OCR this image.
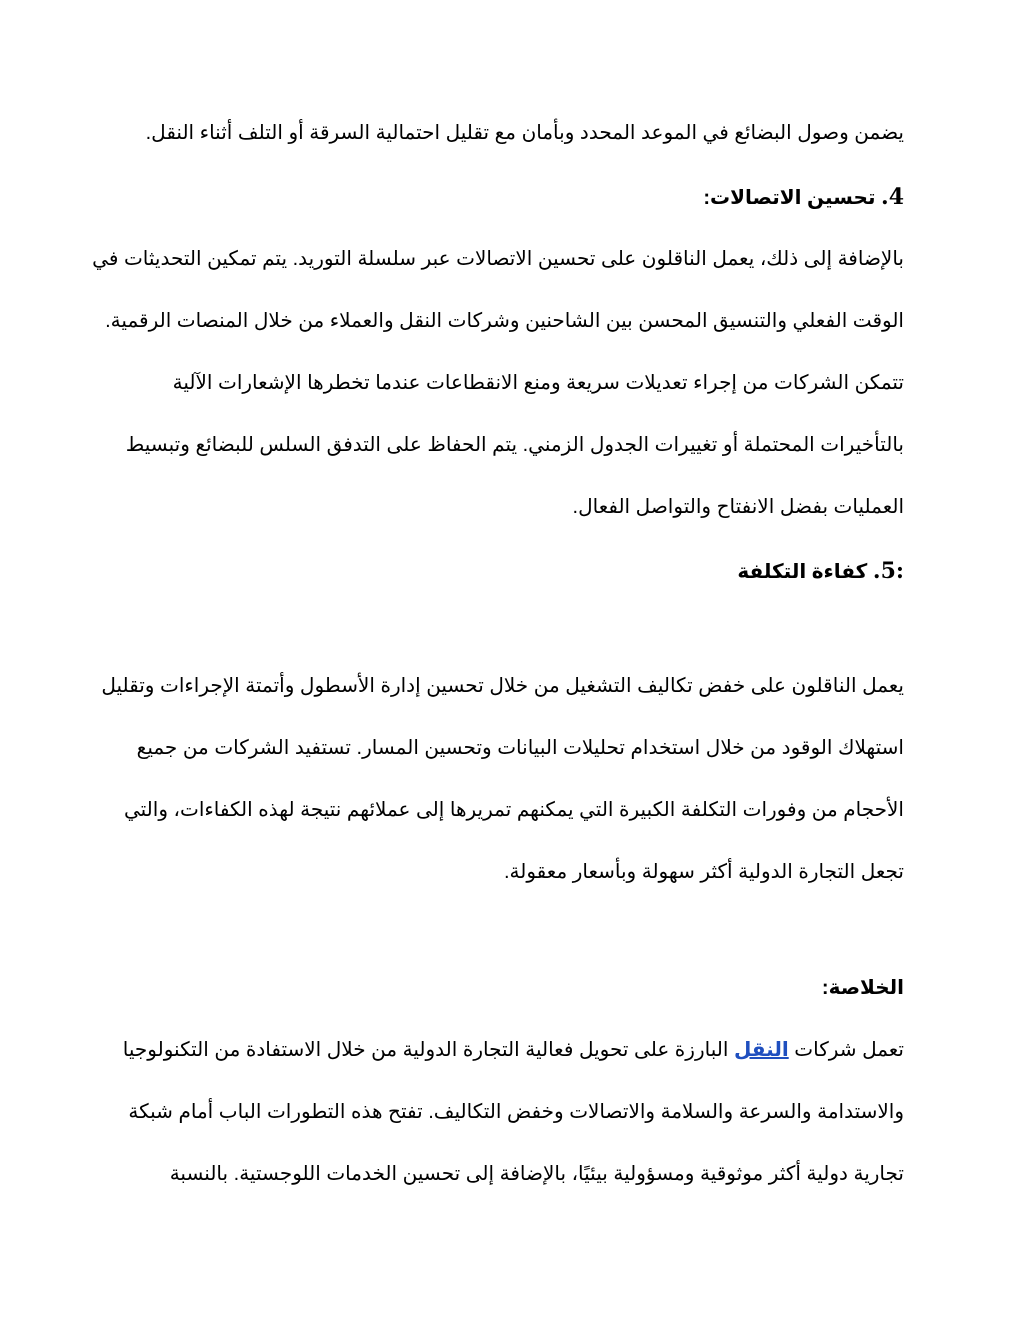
يضمن وصول البضائع في الموعد المحدد وبأمان مع تقليل احتمالية السرقة أو التلف أثناء النقل.
4. تحسين الاتصالات:
بالإضافة إلى ذلك، يعمل الناقلون على تحسين الاتصالات عبر سلسلة التوريد. يتم تمكين التحديثات في
الوقت الفعلي والتنسيق المحسن بين الشاحنين وشركات النقل والعملاء من خلال المنصات الرقمية.
تتمكن الشركات من إجراء تعديلات سريعة ومنع الانقطاعات عندما تخطرها الإشعارات الآلية
بالتأخيرات المحتملة أو تغييرات الجدول الزمني. يتم الحفاظ على التدفق السلس للبضائع وتبسيط
العمليات بفضل الانفتاح والتواصل الفعال.
:5. كفاءة التكلفة
يعمل الناقلون على خفض تكاليف التشغيل من خلال تحسين إدارة الأسطول وأتمتة الإجراءات وتقليل
استهلاك الوقود من خلال استخدام تحليلات البيانات وتحسين المسار. تستفيد الشركات من جميع
الأحجام من وفورات التكلفة الكبيرة التي يمكنهم تمريرها إلى عملائهم نتيجة لهذه الكفاءات، والتي
تجعل التجارة الدولية أكثر سهولة وبأسعار معقولة.
الخلاصة:
تعمل شركات النقل البارزة على تحويل فعالية التجارة الدولية من خلال الاستفادة من التكنولوجيا
والاستدامة والسرعة والسلامة والاتصالات وخفض التكاليف. تفتح هذه التطورات الباب أمام شبكة
تجارية دولية أكثر موثوقية ومسؤولية بيئيًا، بالإضافة إلى تحسين الخدمات اللوجستية. بالنسبة
